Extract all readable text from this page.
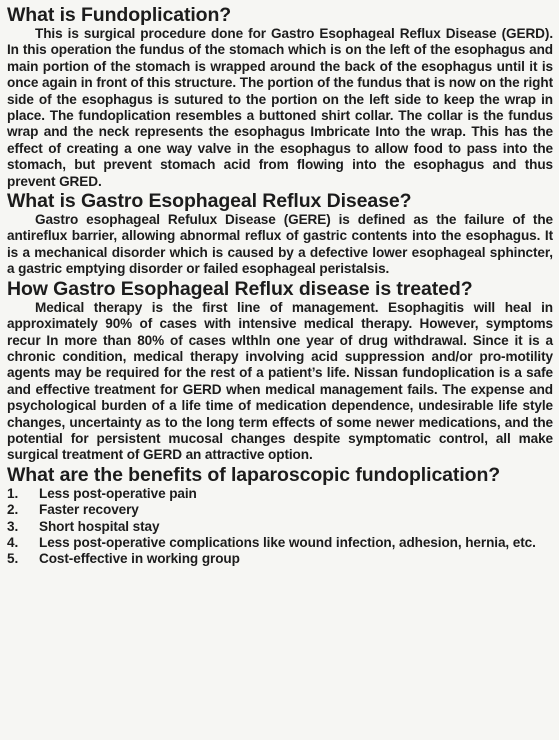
What is Fundoplication?

This is surgical procedure done for Gastro Esophageal Reflux Disease (GERD). In this operation the fundus of the stomach which is on the left of the esophagus and main portion of the stomach is wrapped around the back of the esophagus until it is once again in front of this structure. The portion of the fundus that is now on the right side of the esophagus is sutured to the portion on the left side to keep the wrap in place. The fundoplication resembles a buttoned shirt collar. The collar is the fundus wrap and the neck represents the esophagus Imbricate Into the wrap. This has the effect of creating a one way valve in the esophagus to allow food to pass into the stomach, but prevent stomach acid from flowing into the esophagus and thus prevent GRED.

What is Gastro Esophageal Reflux Disease?

Gastro esophageal Refulux Disease (GERE) is defined as the failure of the antireflux barrier, allowing abnormal reflux of gastric contents into the esophagus. It is a mechanical disorder which is caused by a defective lower esophageal sphincter, a gastric emptying disorder or failed esophageal peristalsis.

How Gastro Esophageal Reflux disease is treated?

Medical therapy is the first line of management. Esophagitis will heal in approximately 90% of cases with intensive medical therapy. However, symptoms recur In more than 80% of cases wlthln one year of drug withdrawal. Since it is a chronic condition, medical therapy involving acid suppression and/or pro-motility agents may be required for the rest of a patient’s life. Nissan fundoplication is a safe and effective treatment for GERD when medical management fails. The expense and psychological burden of a life time of medication dependence, undesirable life style changes, uncertainty as to the long term effects of some newer medications, and the potential for persistent mucosal changes despite symptomatic control, all make surgical treatment of GERD an attractive option.

What are the benefits of laparoscopic fundoplication?
1.	Less post-operative pain
2.	Faster recovery
3.	Short hospital stay
4.	Less post-operative complications like wound infection, adhesion, hernia, etc.
5.	Cost-effective in working group
